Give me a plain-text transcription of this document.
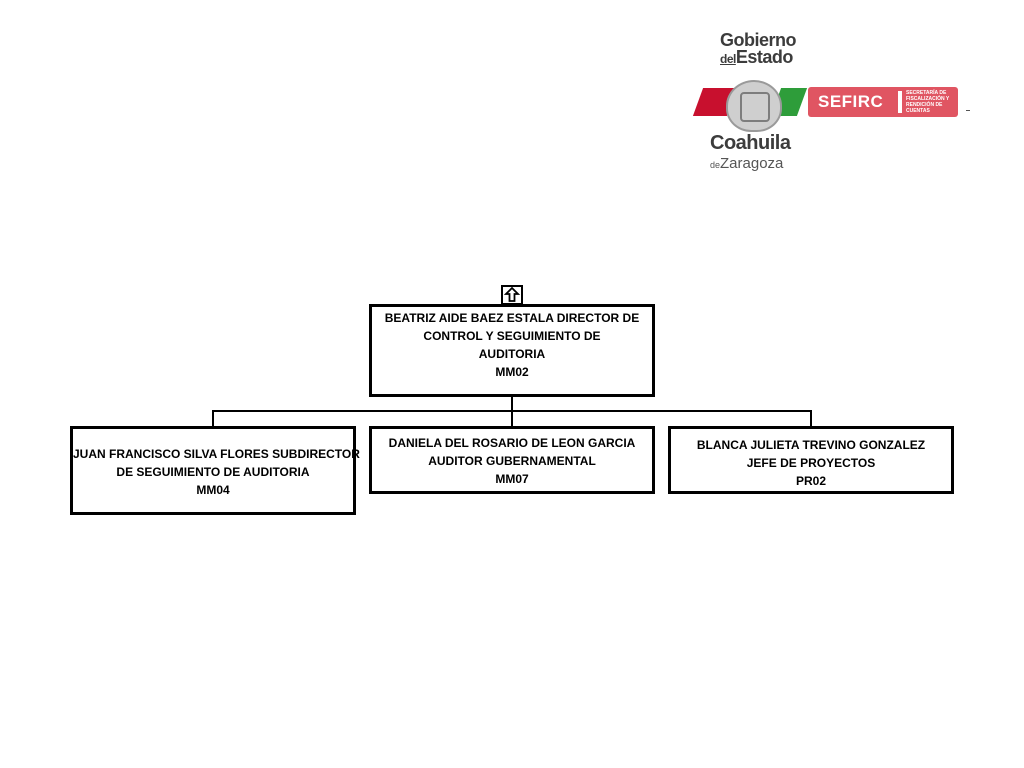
Gobierno
delEstado
SEFIRC	SECRETARÍA DE FISCALIZACIÓN Y RENDICIÓN DE CUENTAS
Coahuila
deZaragoza
BEATRIZ AIDE BAEZ ESTALA DIRECTOR DE
CONTROL Y SEGUIMIENTO DE
AUDITORIA
MM02
JUAN FRANCISCO SILVA FLORES SUBDIRECTOR
DE SEGUIMIENTO DE AUDITORIA
MM04
DANIELA DEL ROSARIO DE LEON GARCIA
AUDITOR GUBERNAMENTAL
MM07
BLANCA JULIETA TREVINO GONZALEZ
JEFE DE PROYECTOS
PR02
